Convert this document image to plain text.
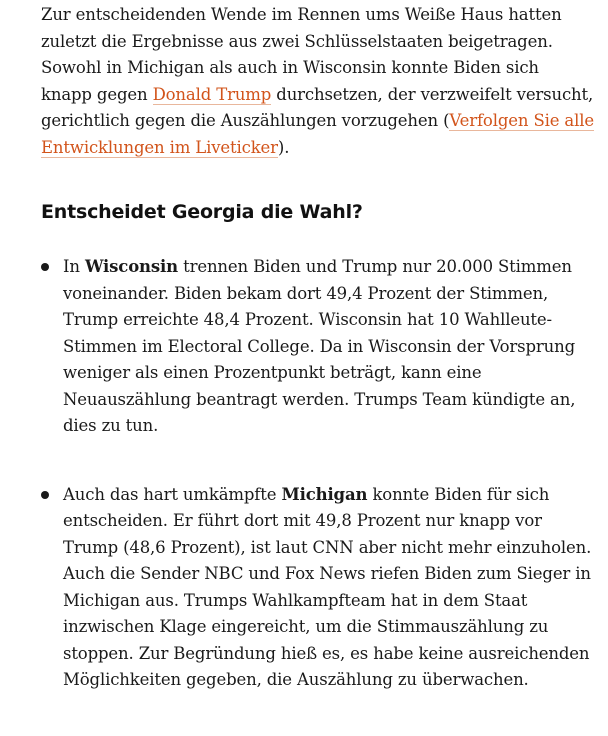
Zur entscheidenden Wende im Rennen ums Weiße Haus hatten zuletzt die Ergebnisse aus zwei Schlüsselstaaten beigetragen. Sowohl in Michigan als auch in Wisconsin konnte Biden sich knapp gegen Donald Trump durchsetzen, der verzweifelt versucht, gerichtlich gegen die Auszählungen vorzugehen (Verfolgen Sie alle Entwicklungen im Liveticker).

Entscheidet Georgia die Wahl?
In Wisconsin trennen Biden und Trump nur 20.000 Stimmen voneinander. Biden bekam dort 49,4 Prozent der Stimmen, Trump erreichte 48,4 Prozent. Wisconsin hat 10 Wahlleute-Stimmen im Electoral College. Da in Wisconsin der Vorsprung weniger als einen Prozentpunkt beträgt, kann eine Neuauszählung beantragt werden. Trumps Team kündigte an, dies zu tun.
Auch das hart umkämpfte Michigan konnte Biden für sich entscheiden. Er führt dort mit 49,8 Prozent nur knapp vor Trump (48,6 Prozent), ist laut CNN aber nicht mehr einzuholen. Auch die Sender NBC und Fox News riefen Biden zum Sieger in Michigan aus. Trumps Wahlkampfteam hat in dem Staat inzwischen Klage eingereicht, um die Stimmauszählung zu stoppen. Zur Begründung hieß es, es habe keine ausreichenden Möglichkeiten gegeben, die Auszählung zu überwachen.
